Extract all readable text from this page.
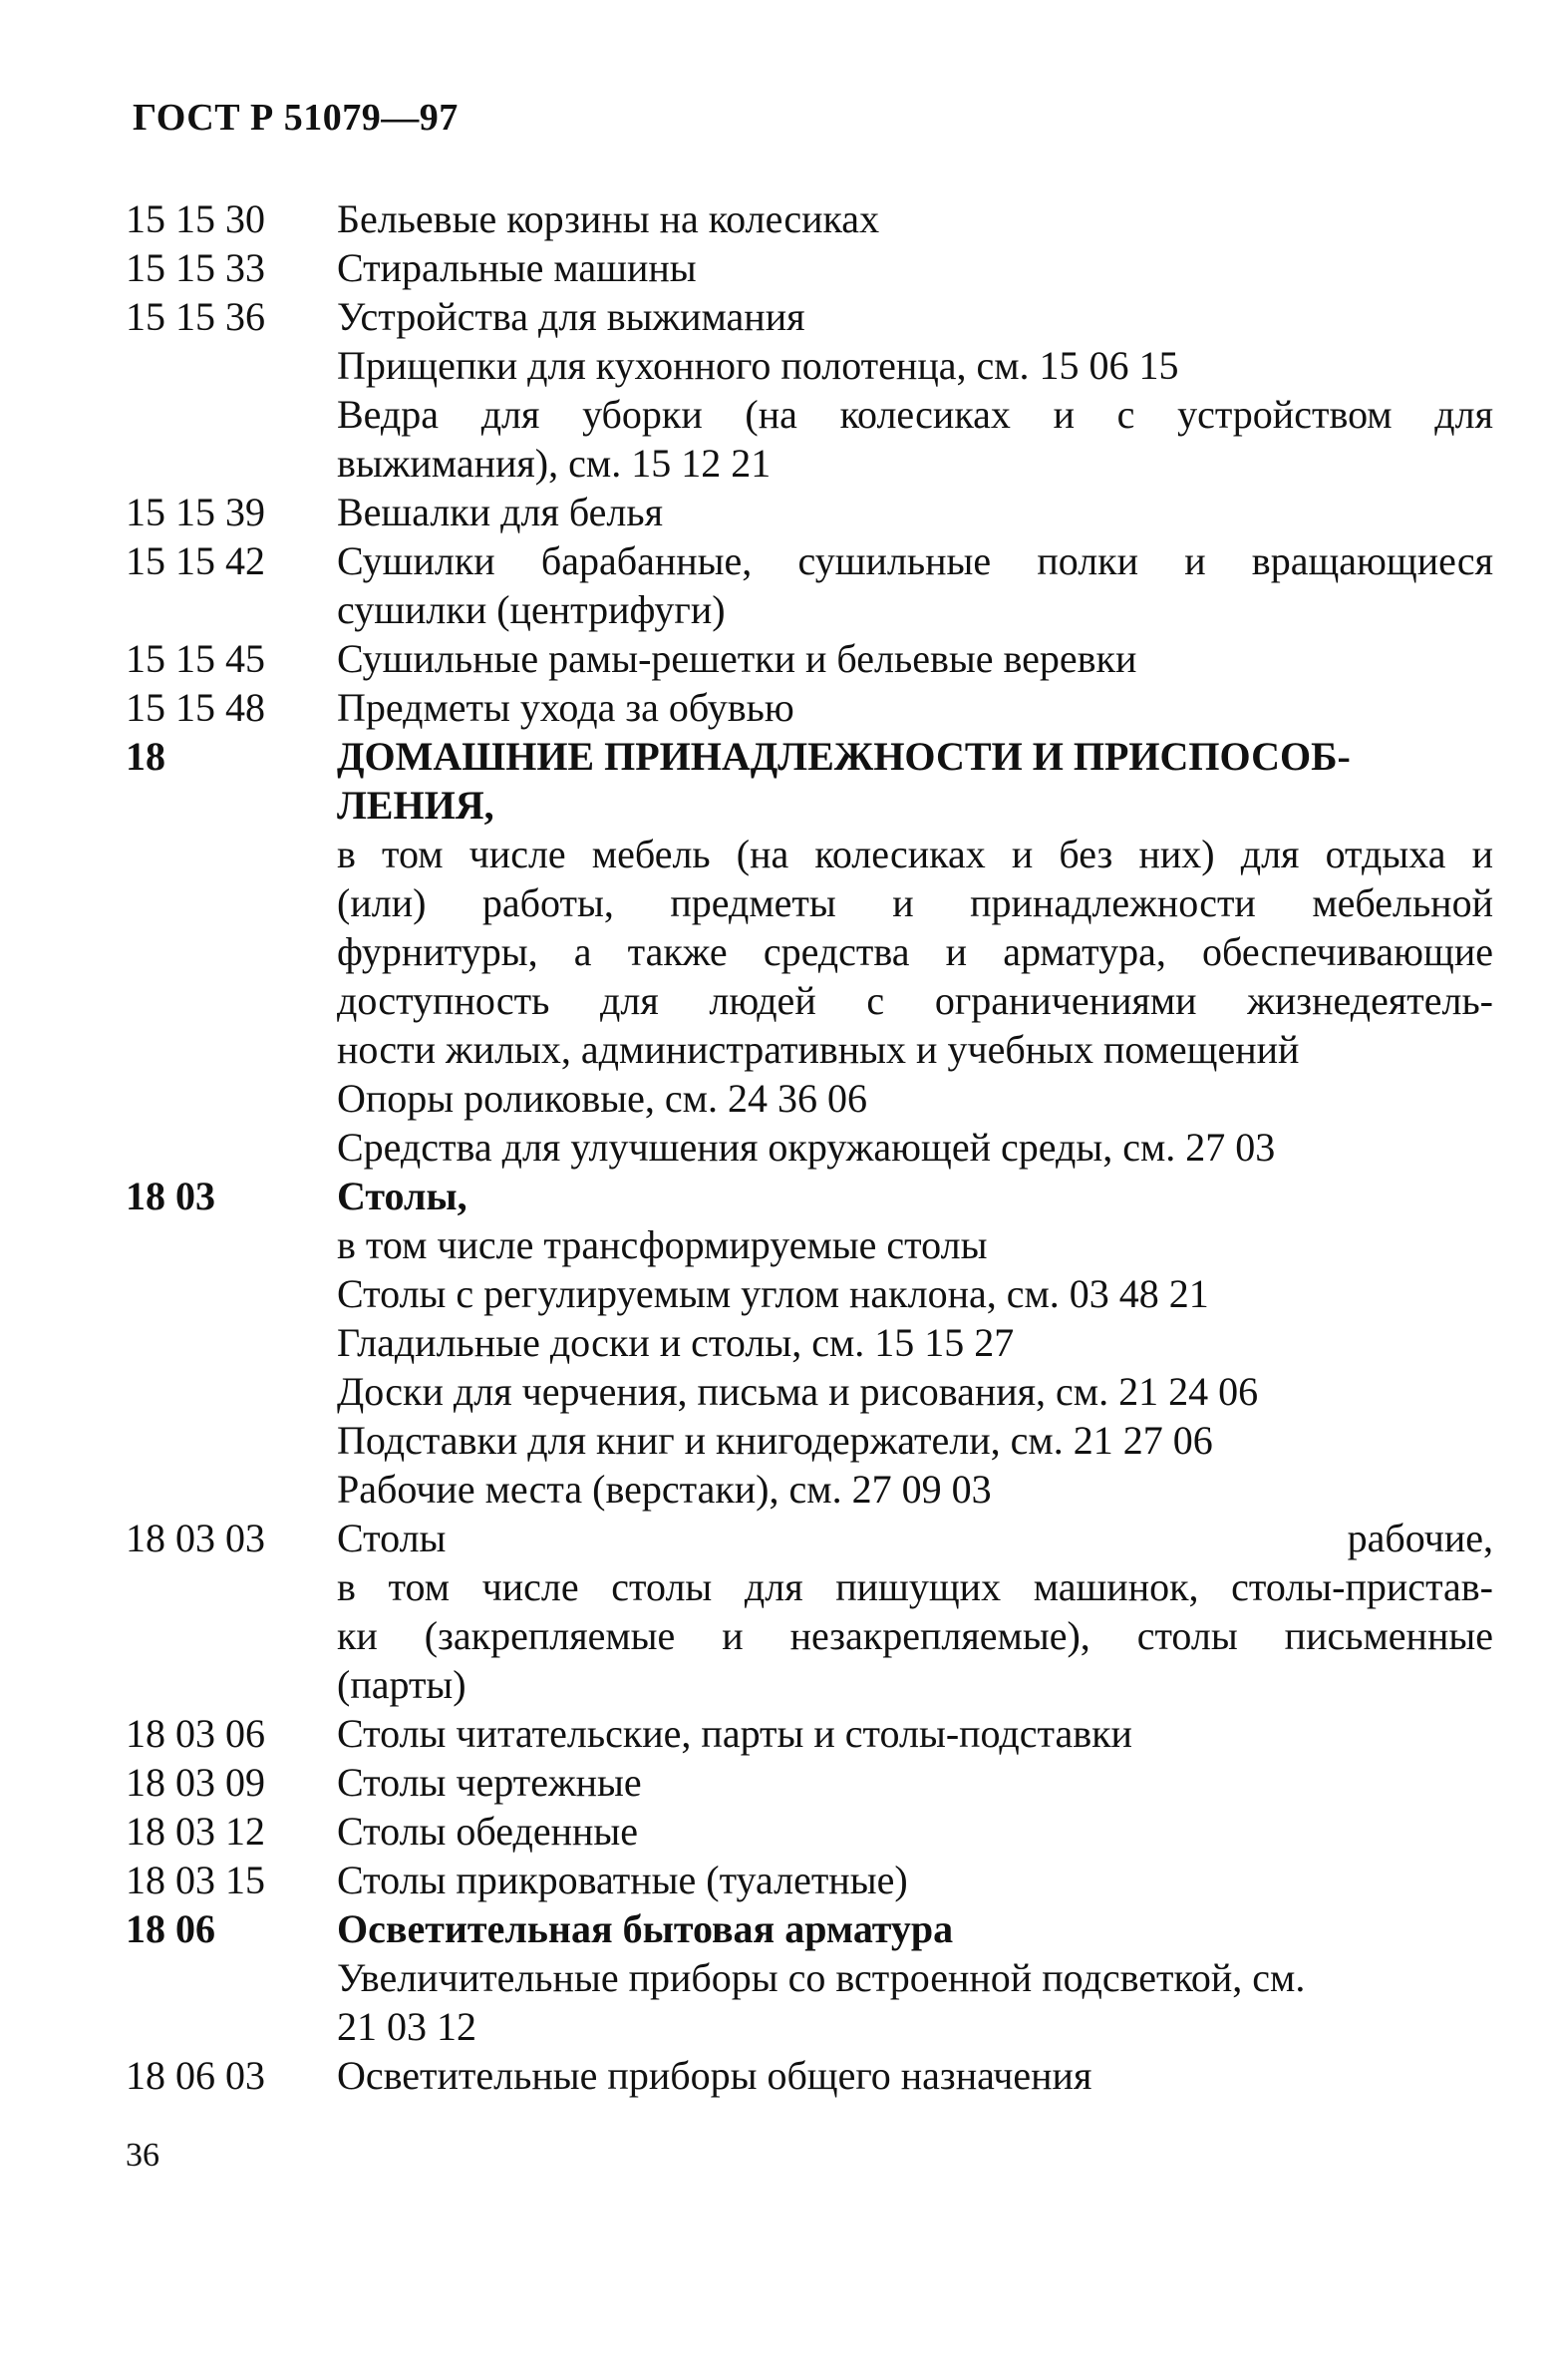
ГОСТ Р 51079—97
15 15 30	Бельевые корзины на колесиках
15 15 33	Стиральные машины
15 15 36	Устройства для выжимания
Прищепки для кухонного полотенца, см. 15 06 15
Ведра для уборки (на колесиках и с устройством для
выжимания), см. 15 12 21
15 15 39	Вешалки для белья
15 15 42	Сушилки барабанные, сушильные полки и вращающиеся
сушилки (центрифуги)
15 15 45	Сушильные рамы-решетки и бельевые веревки
15 15 48	Предметы ухода за обувью
18	ДОМАШНИЕ ПРИНАДЛЕЖНОСТИ И ПРИСПОСОБ-
ЛЕНИЯ,
в том числе мебель (на колесиках и без них) для отдыха и
(или) работы, предметы и принадлежности мебельной
фурнитуры, а также средства и арматура, обеспечивающие
доступность для людей с ограничениями жизнедеятель-
ности жилых, административных и учебных помещений
Опоры роликовые, см. 24 36 06
Средства для улучшения окружающей среды, см. 27 03
18 03	Столы,
в том числе трансформируемые столы
Столы с регулируемым углом наклона, см. 03 48 21
Гладильные доски и столы, см. 15 15 27
Доски для черчения, письма и рисования, см. 21 24 06
Подставки для книг и книгодержатели, см. 21 27 06
Рабочие места (верстаки), см. 27 09 03
18 03 03	Столы рабочие,
в том числе столы для пишущих машинок, столы-пристав-
ки (закрепляемые и незакрепляемые), столы письменные
(парты)
18 03 06	Столы читательские, парты и столы-подставки
18 03 09	Столы чертежные
18 03 12	Столы обеденные
18 03 15	Столы прикроватные (туалетные)
18 06	Осветительная бытовая арматура
Увеличительные приборы со встроенной подсветкой, см.
21 03 12
18 06 03	Осветительные приборы общего назначения
36
